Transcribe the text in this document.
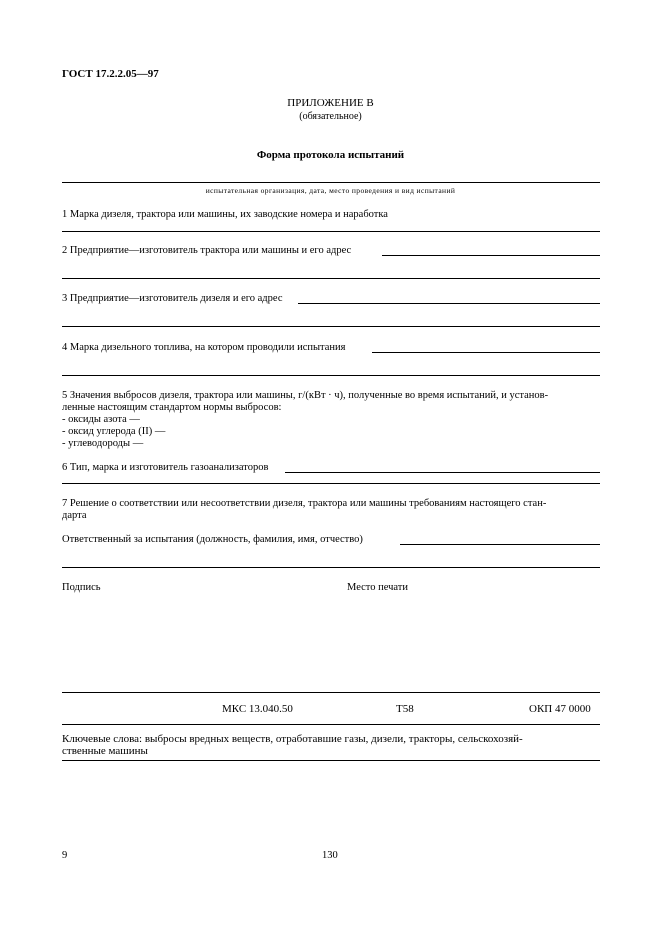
ГОСТ 17.2.2.05—97
ПРИЛОЖЕНИЕ В
(обязательное)
Форма протокола испытаний
испытательная организация, дата, место проведения и вид испытаний
1 Марка дизеля, трактора или машины, их заводские номера и наработка
2 Предприятие—изготовитель трактора или машины и его адрес
3 Предприятие—изготовитель дизеля и его адрес
4 Марка дизельного топлива, на котором проводили испытания
5 Значения выбросов дизеля, трактора или машины, г/(кВт · ч), полученные во время испытаний, и установ-
ленные настоящим стандартом нормы выбросов:
- оксиды азота —
- оксид углерода (II) —
- углеводороды —
6 Тип, марка и изготовитель газоанализаторов
7 Решение о соответствии или несоответствии дизеля, трактора или машины требованиям настоящего стан-
дарта
Ответственный за испытания (должность, фамилия, имя, отчество)
Подпись	Место печати
МКС 13.040.50	Т58	ОКП 47 0000
Ключевые слова: выбросы вредных веществ, отработавшие газы, дизели, тракторы, сельскохозяй-
ственные машины
9	130
